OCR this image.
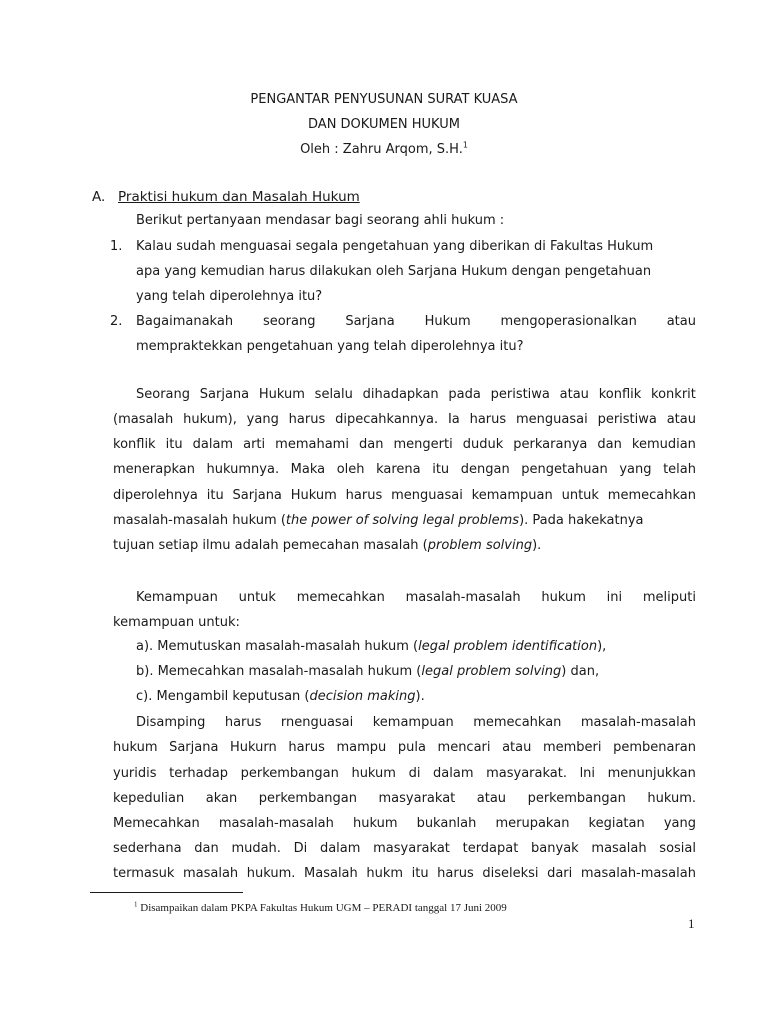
PENGANTAR PENYUSUNAN SURAT KUASA
DAN DOKUMEN HUKUM
Oleh : Zahru Arqom, S.H.$^1$
A. Praktisi hukum dan Masalah Hukum
Berikut pertanyaan mendasar bagi seorang ahli hukum :
1. Kalau sudah menguasai segala pengetahuan yang diberikan di Fakultas Hukum
apa yang kemudian harus dilakukan oleh Sarjana Hukum dengan pengetahuan
yang telah diperolehnya itu?
2. Bagaimanakah seorang Sarjana Hukum mengoperasionalkan atau
mempraktekkan pengetahuan yang telah diperolehnya itu?
Seorang Sarjana Hukum selalu dihadapkan pada peristiwa atau konflik konkrit
(masalah hukum), yang harus dipecahkannya. Ia harus menguasai peristiwa atau
konflik itu dalam arti memahami dan mengerti duduk perkaranya dan kemudian
menerapkan hukumnya. Maka oleh karena itu dengan pengetahuan yang telah
diperolehnya itu Sarjana Hukum harus menguasai kemampuan untuk memecahkan
masalah-masalah hukum (the power of solving legal problems). Pada hakekatnya
tujuan setiap ilmu adalah pemecahan masalah (problem solving).
Kemampuan untuk memecahkan masalah-masalah hukum ini meliputi
kemampuan untuk:
a). Memutuskan masalah-masalah hukum (legal problem identification),
b). Memecahkan masalah-masalah hukum (legal problem solving) dan,
c). Mengambil keputusan (decision making).
Disamping harus rnenguasai kemampuan memecahkan masalah-masalah
hukum Sarjana Hukurn harus mampu pula mencari atau memberi pembenaran
yuridis terhadap perkembangan hukum di dalam masyarakat. lni menunjukkan
kepedulian akan perkembangan masyarakat atau perkembangan hukum.
Memecahkan masalah-masalah hukum bukanlah merupakan kegiatan yang
sederhana dan mudah. Di dalam masyarakat terdapat banyak masalah sosial
termasuk masalah hukum. Masalah hukm itu harus diseleksi dari masalah-masalah
$^1$ Disampaikan dalam PKPA Fakultas Hukum UGM – PERADI tanggal 17 Juni 2009
1
